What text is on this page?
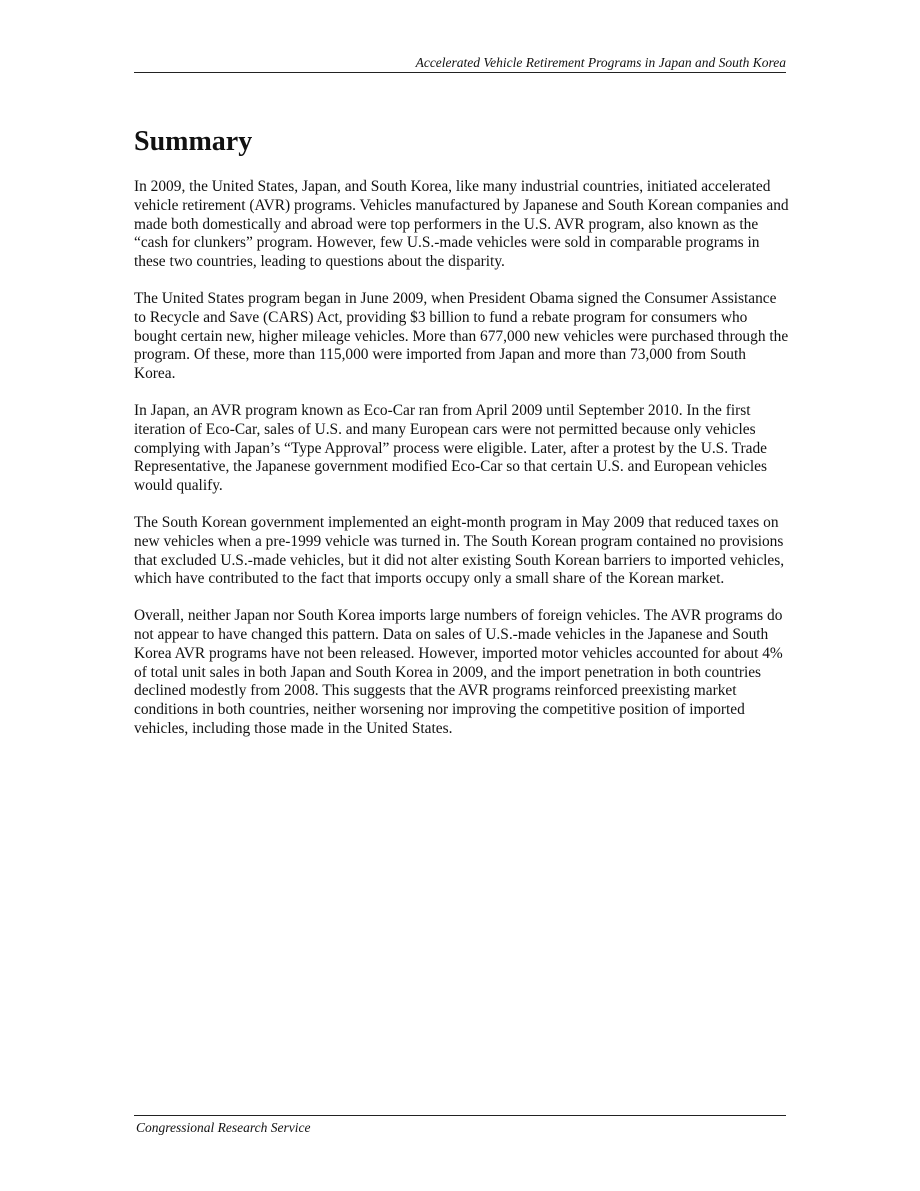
Accelerated Vehicle Retirement Programs in Japan and South Korea
Summary

In 2009, the United States, Japan, and South Korea, like many industrial countries, initiated accelerated vehicle retirement (AVR) programs. Vehicles manufactured by Japanese and South Korean companies and made both domestically and abroad were top performers in the U.S. AVR program, also known as the “cash for clunkers” program. However, few U.S.-made vehicles were sold in comparable programs in these two countries, leading to questions about the disparity.

The United States program began in June 2009, when President Obama signed the Consumer Assistance to Recycle and Save (CARS) Act, providing $3 billion to fund a rebate program for consumers who bought certain new, higher mileage vehicles. More than 677,000 new vehicles were purchased through the program. Of these, more than 115,000 were imported from Japan and more than 73,000 from South Korea.

In Japan, an AVR program known as Eco-Car ran from April 2009 until September 2010. In the first iteration of Eco-Car, sales of U.S. and many European cars were not permitted because only vehicles complying with Japan’s “Type Approval” process were eligible. Later, after a protest by the U.S. Trade Representative, the Japanese government modified Eco-Car so that certain U.S. and European vehicles would qualify.

The South Korean government implemented an eight-month program in May 2009 that reduced taxes on new vehicles when a pre-1999 vehicle was turned in. The South Korean program contained no provisions that excluded U.S.-made vehicles, but it did not alter existing South Korean barriers to imported vehicles, which have contributed to the fact that imports occupy only a small share of the Korean market.

Overall, neither Japan nor South Korea imports large numbers of foreign vehicles. The AVR programs do not appear to have changed this pattern. Data on sales of U.S.-made vehicles in the Japanese and South Korea AVR programs have not been released. However, imported motor vehicles accounted for about 4% of total unit sales in both Japan and South Korea in 2009, and the import penetration in both countries declined modestly from 2008. This suggests that the AVR programs reinforced preexisting market conditions in both countries, neither worsening nor improving the competitive position of imported vehicles, including those made in the United States.

Congressional Research Service
